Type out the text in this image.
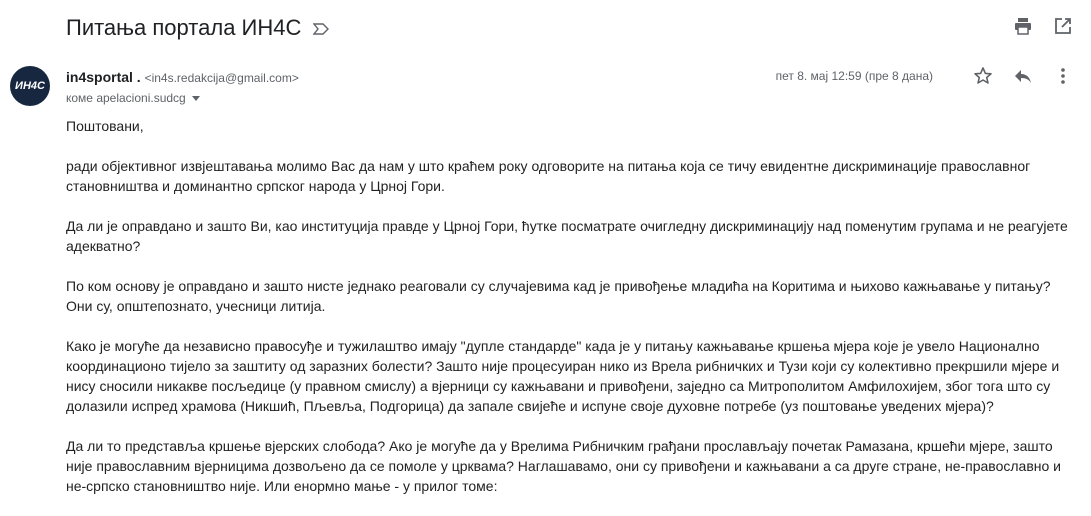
Питања портала ИН4С
ИН4С
in4sportal . <in4s.redakcija@gmail.com>
коме apelacioni.sudcg
пет 8. мај 12:59 (пре 8 дана)

Поштовани,

ради објективног извјештавања молимо Вас да нам у што краћем року одговорите на питања која се тичу евидентне дискриминације православног становништва и доминантно српског народа у Црној Гори.

Да ли је оправдано и зашто Ви, као институција правде у Црној Гори, ћутке посматрате очигледну дискриминацију над поменутим групама и не реагујете адекватно?

По ком основу је оправдано и зашто нисте једнако реаговали су случајевима кад је привођење младића на Коритима и њихово кажњавање у питању? Они су, општепознато, учесници литија.

Како је могуће да независно правосуђе и тужилаштво имају "дупле стандарде" када је у питању кажњавање кршења мјера које је увело Национално координационо тијело за заштиту од заразних болести? Зашто није процесуиран нико из Врела рибничких и Тузи који су колективно прекршили мјере и нису сносили никакве посљедице (у правном смислу) а вјерници су кажњавани и привођени, заједно са Митрополитом Амфилохијем, због тога што су долазили испред храмова (Никшић, Пљевља, Подгорица) да запале свијеће и испуне своје духовне потребе (уз поштовање уведених мјера)?

Да ли то представља кршење вјерских слобода? Ако је могуће да у Врелима Рибничким грађани прослављају почетак Рамазана, кршећи мјере, зашто није православним вјерницима дозвољено да се помоле у црквама? Наглашавамо, они су привођени и кажњавани а са друге стране, не-православно и не-српско становништво није. Или енормно мање - у прилог томе:
